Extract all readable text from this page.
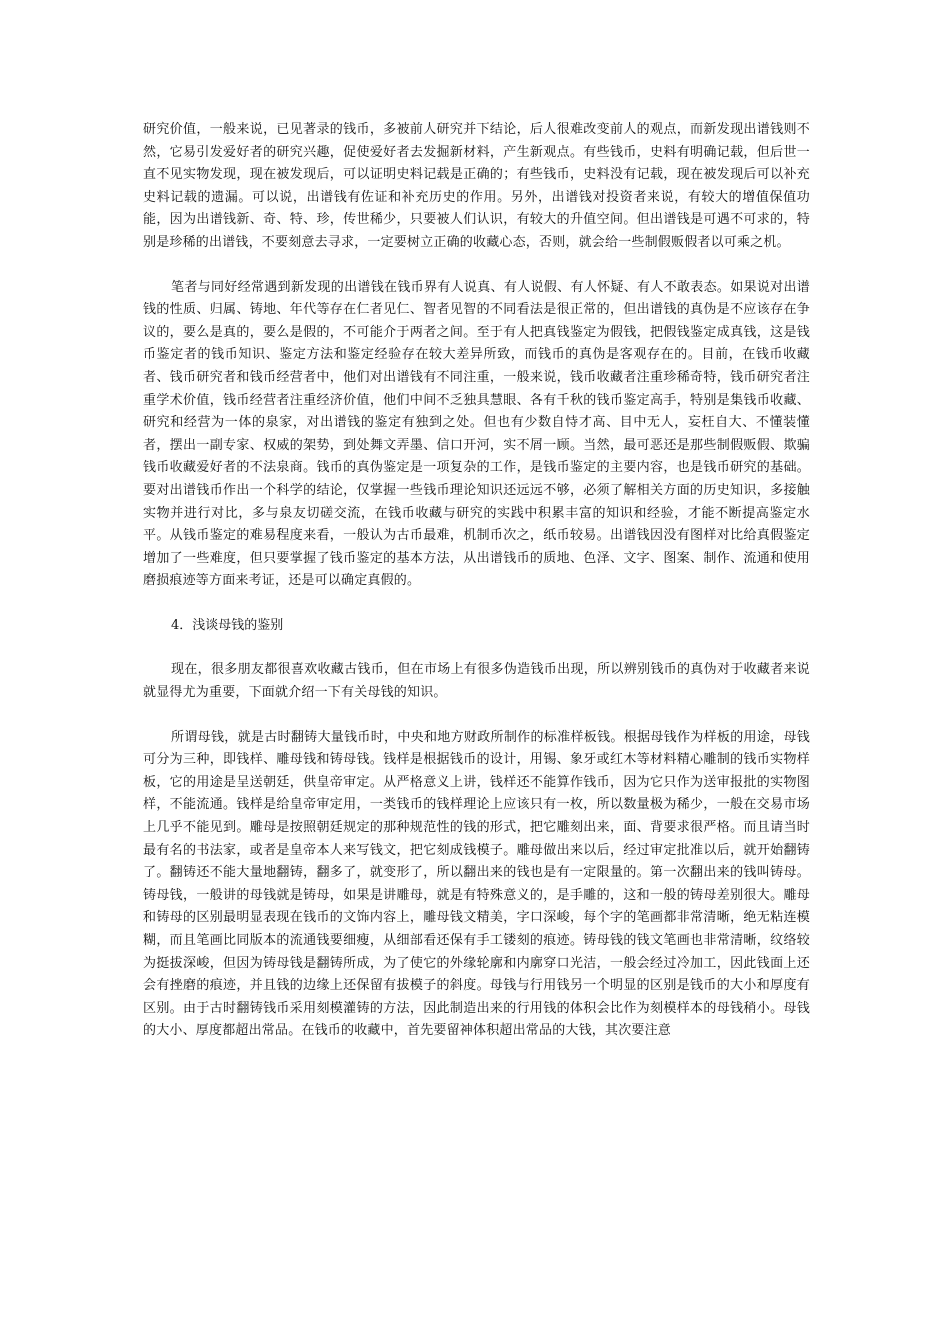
研究价值，一般来说，已见著录的钱币，多被前人研究并下结论，后人很难改变前人的观点，而新发现出谱钱则不然，它易引发爱好者的研究兴趣，促使爱好者去发掘新材料，产生新观点。有些钱币，史料有明确记载，但后世一直不见实物发现，现在被发现后，可以证明史料记载是正确的；有些钱币，史料没有记载，现在被发现后可以补充史料记载的遗漏。可以说，出谱钱有佐证和补充历史的作用。另外，出谱钱对投资者来说，有较大的增值保值功能，因为出谱钱新、奇、特、珍，传世稀少，只要被人们认识，有较大的升值空间。但出谱钱是可遇不可求的，特别是珍稀的出谱钱，不要刻意去寻求，一定要树立正确的收藏心态，否则，就会给一些制假贩假者以可乘之机。

笔者与同好经常遇到新发现的出谱钱在钱币界有人说真、有人说假、有人怀疑、有人不敢表态。如果说对出谱钱的性质、归属、铸地、年代等存在仁者见仁、智者见智的不同看法是很正常的，但出谱钱的真伪是不应该存在争议的，要么是真的，要么是假的，不可能介于两者之间。至于有人把真钱鉴定为假钱，把假钱鉴定成真钱，这是钱币鉴定者的钱币知识、鉴定方法和鉴定经验存在较大差异所致，而钱币的真伪是客观存在的。目前，在钱币收藏者、钱币研究者和钱币经营者中，他们对出谱钱有不同注重，一般来说，钱币收藏者注重珍稀奇特，钱币研究者注重学术价值，钱币经营者注重经济价值，他们中间不乏独具慧眼、各有千秋的钱币鉴定高手，特别是集钱币收藏、研究和经营为一体的泉家，对出谱钱的鉴定有独到之处。但也有少数自恃才高、目中无人，妄枉自大、不懂装懂者，摆出一副专家、权威的架势，到处舞文弄墨、信口开河，实不屑一顾。当然，最可恶还是那些制假贩假、欺骗钱币收藏爱好者的不法泉商。钱币的真伪鉴定是一项复杂的工作，是钱币鉴定的主要内容，也是钱币研究的基础。要对出谱钱币作出一个科学的结论，仅掌握一些钱币理论知识还远远不够，必须了解相关方面的历史知识，多接触实物并进行对比，多与泉友切磋交流，在钱币收藏与研究的实践中积累丰富的知识和经验，才能不断提高鉴定水平。从钱币鉴定的难易程度来看，一般认为古币最难，机制币次之，纸币较易。出谱钱因没有图样对比给真假鉴定增加了一些难度，但只要掌握了钱币鉴定的基本方法，从出谱钱币的质地、色泽、文字、图案、制作、流通和使用磨损痕迹等方面来考证，还是可以确定真假的。

4．浅谈母钱的鉴别

现在，很多朋友都很喜欢收藏古钱币，但在市场上有很多伪造钱币出现，所以辨别钱币的真伪对于收藏者来说就显得尤为重要，下面就介绍一下有关母钱的知识。

所谓母钱，就是古时翻铸大量钱币时，中央和地方财政所制作的标准样板钱。根据母钱作为样板的用途，母钱可分为三种，即钱样、雕母钱和铸母钱。钱样是根据钱币的设计，用锡、象牙或红木等材料精心雕制的钱币实物样板，它的用途是呈送朝廷，供皇帝审定。从严格意义上讲，钱样还不能算作钱币，因为它只作为送审报批的实物图样，不能流通。钱样是给皇帝审定用，一类钱币的钱样理论上应该只有一枚，所以数量极为稀少，一般在交易市场上几乎不能见到。雕母是按照朝廷规定的那种规范性的钱的形式，把它雕刻出来，面、背要求很严格。而且请当时最有名的书法家，或者是皇帝本人来写钱文，把它刻成钱模子。雕母做出来以后，经过审定批准以后，就开始翻铸了。翻铸还不能大量地翻铸，翻多了，就变形了，所以翻出来的钱也是有一定限量的。第一次翻出来的钱叫铸母。铸母钱，一般讲的母钱就是铸母，如果是讲雕母，就是有特殊意义的，是手雕的，这和一般的铸母差别很大。雕母和铸母的区别最明显表现在钱币的文饰内容上，雕母钱文精美，字口深峻，每个字的笔画都非常清晰，绝无粘连模糊，而且笔画比同版本的流通钱要细瘦，从细部看还保有手工镂刻的痕迹。铸母钱的钱文笔画也非常清晰，纹络较为挺拔深峻，但因为铸母钱是翻铸所成，为了使它的外缘轮廓和内廓穿口光洁，一般会经过冷加工，因此钱面上还会有挫磨的痕迹，并且钱的边缘上还保留有拔模子的斜度。母钱与行用钱另一个明显的区别是钱币的大小和厚度有区别。由于古时翻铸钱币采用刻模灌铸的方法，因此制造出来的行用钱的体积会比作为刻模样本的母钱稍小。母钱的大小、厚度都超出常品。在钱币的收藏中，首先要留神体积超出常品的大钱，其次要注意
